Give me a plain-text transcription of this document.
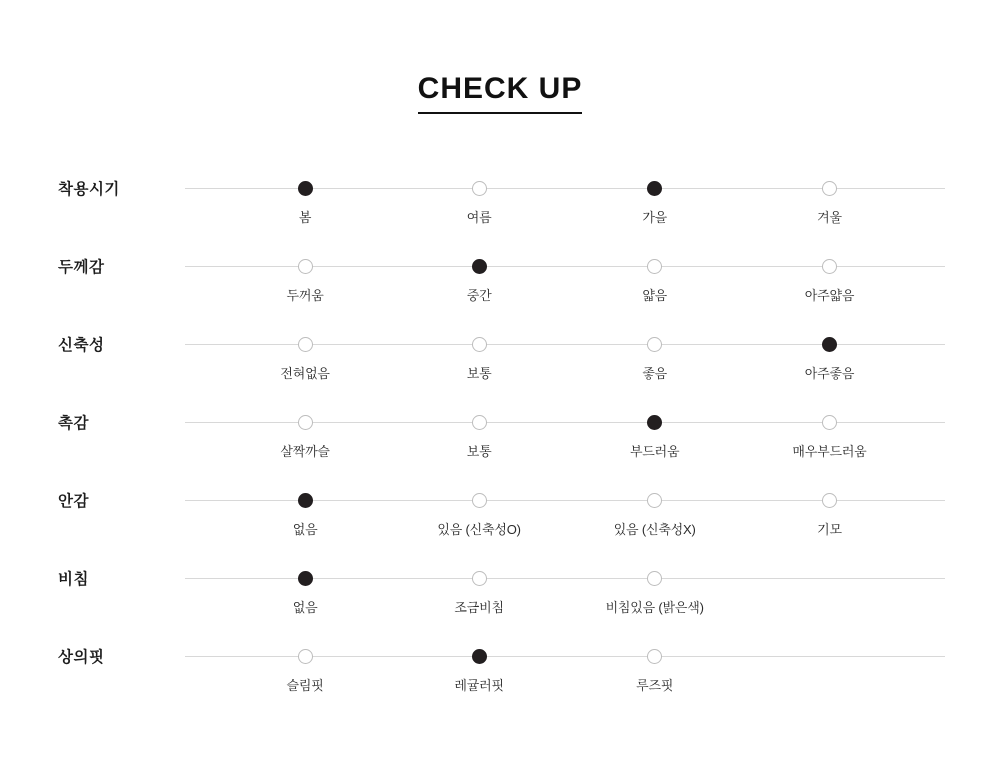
CHECK UP
착용시기
봄	여름	가을	겨울
두께감
두꺼움	중간	얇음	아주얇음
신축성
전혀없음	보통	좋음	아주좋음
촉감
살짝까슬	보통	부드러움	매우부드러움
안감
없음	있음 (신축성O)	있음 (신축성X)	기모
비침
없음	조금비침	비침있음 (밝은색)
상의핏
슬림핏	레귤러핏	루즈핏
